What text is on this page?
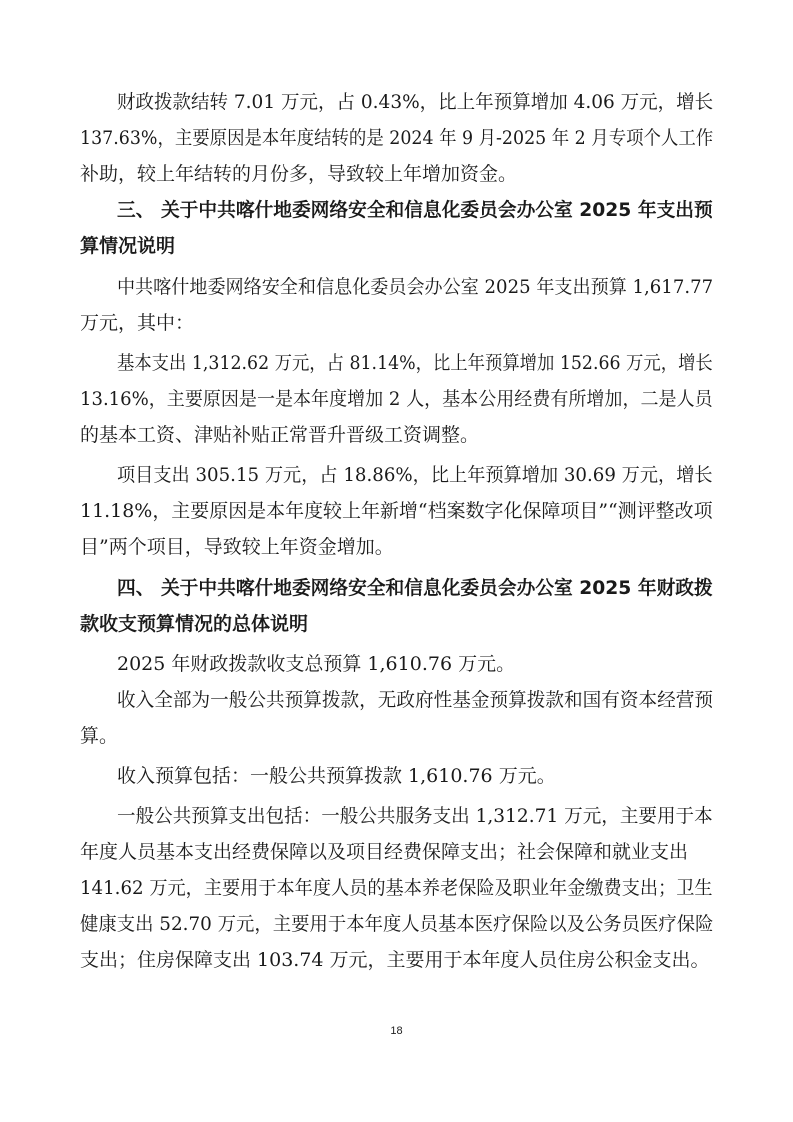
财政拨款结转 7.01 万元，占 0.43%，比上年预算增加 4.06 万元，增长
137.63%，主要原因是本年度结转的是 2024 年 9 月-2025 年 2 月专项个人工作
补助，较上年结转的月份多，导致较上年增加资金。
三、 关于中共喀什地委网络安全和信息化委员会办公室 2025 年支出预
算情况说明
中共喀什地委网络安全和信息化委员会办公室 2025 年支出预算 1,617.77
万元，其中：
基本支出 1,312.62 万元，占 81.14%，比上年预算增加 152.66 万元，增长
13.16%，主要原因是一是本年度增加 2 人，基本公用经费有所增加，二是人员
的基本工资、津贴补贴正常晋升晋级工资调整。
项目支出 305.15 万元，占 18.86%，比上年预算增加 30.69 万元，增长
11.18%，主要原因是本年度较上年新增“档案数字化保障项目”“测评整改项
目”两个项目，导致较上年资金增加。
四、 关于中共喀什地委网络安全和信息化委员会办公室 2025 年财政拨
款收支预算情况的总体说明
2025 年财政拨款收支总预算 1,610.76 万元。
收入全部为一般公共预算拨款，无政府性基金预算拨款和国有资本经营预
算。
收入预算包括：一般公共预算拨款 1,610.76 万元。
一般公共预算支出包括：一般公共服务支出 1,312.71 万元，主要用于本
年度人员基本支出经费保障以及项目经费保障支出；社会保障和就业支出
141.62 万元，主要用于本年度人员的基本养老保险及职业年金缴费支出；卫生
健康支出 52.70 万元，主要用于本年度人员基本医疗保险以及公务员医疗保险
支出；住房保障支出 103.74 万元，主要用于本年度人员住房公积金支出。
18
